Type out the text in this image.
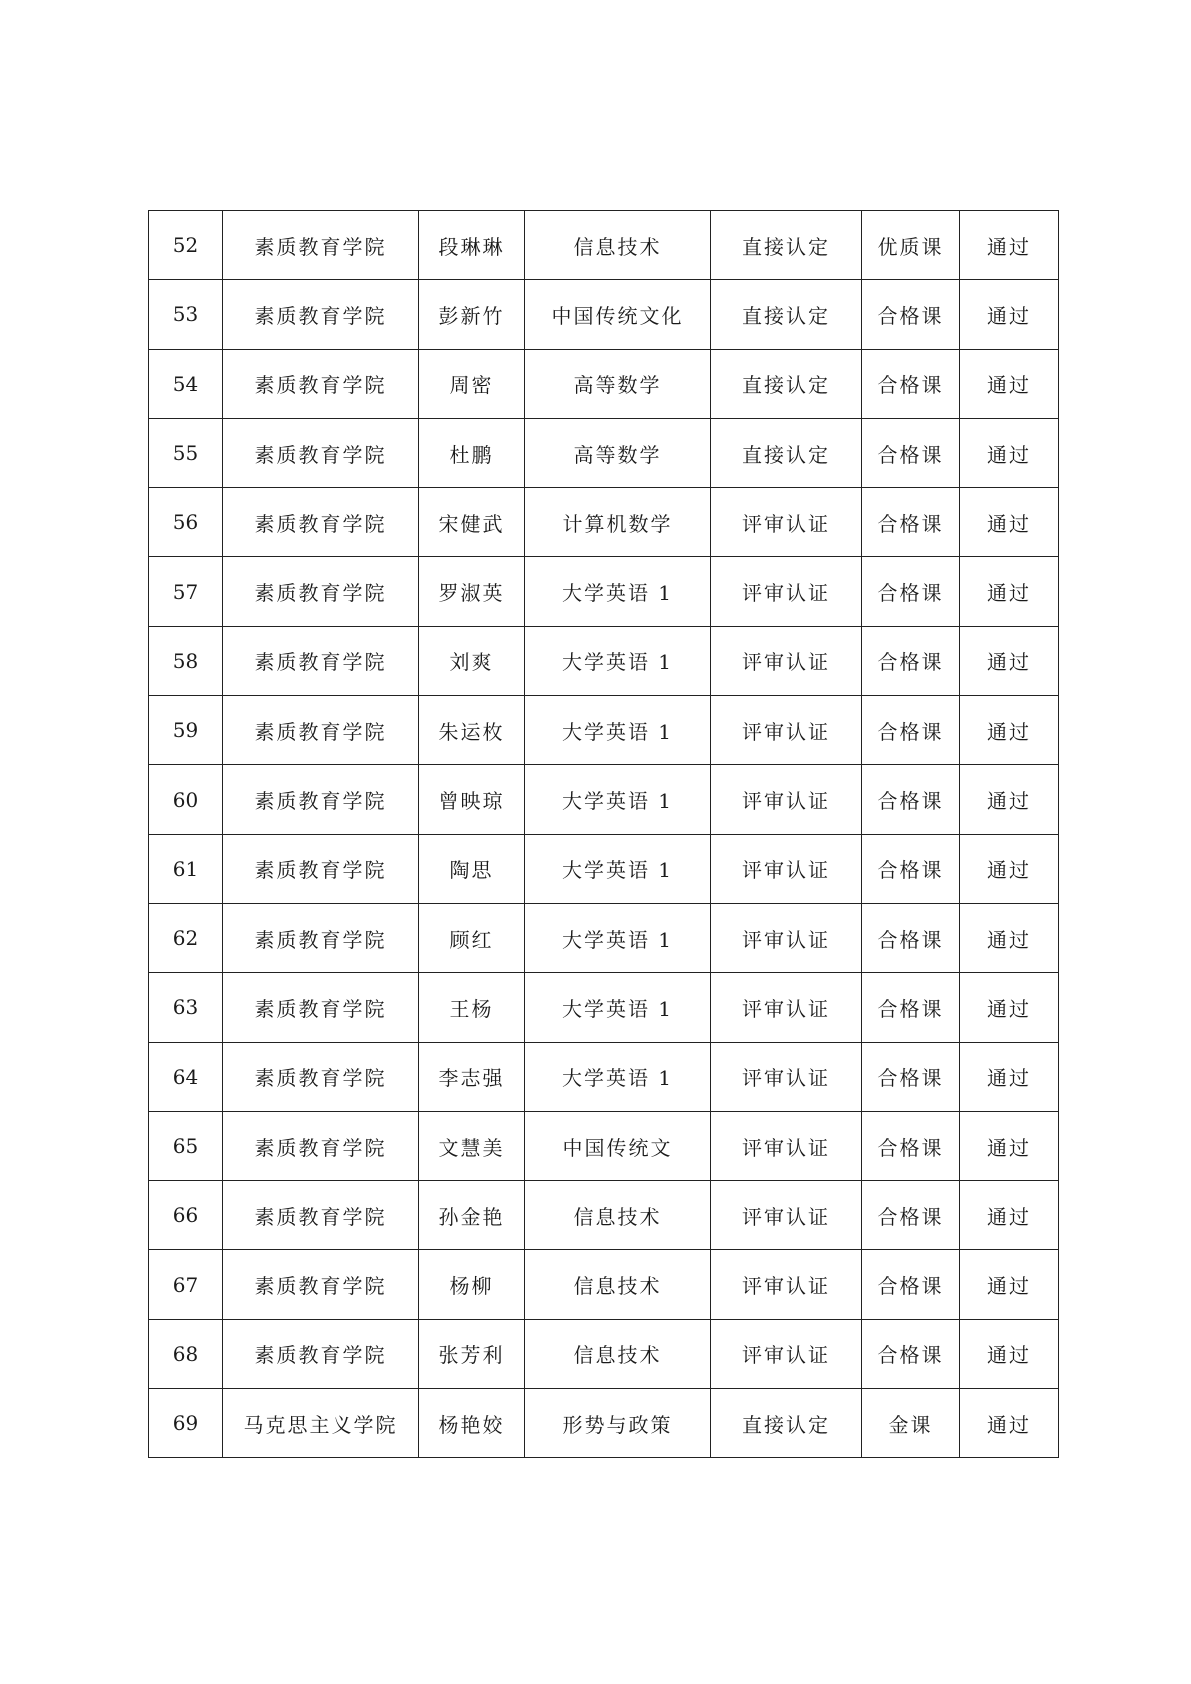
52	素质教育学院	段琳琳	信息技术	直接认定	优质课	通过
53	素质教育学院	彭新竹	中国传统文化	直接认定	合格课	通过
54	素质教育学院	周密	高等数学	直接认定	合格课	通过
55	素质教育学院	杜鹏	高等数学	直接认定	合格课	通过
56	素质教育学院	宋健武	计算机数学	评审认证	合格课	通过
57	素质教育学院	罗淑英	大学英语 1	评审认证	合格课	通过
58	素质教育学院	刘爽	大学英语 1	评审认证	合格课	通过
59	素质教育学院	朱运枚	大学英语 1	评审认证	合格课	通过
60	素质教育学院	曾映琼	大学英语 1	评审认证	合格课	通过
61	素质教育学院	陶思	大学英语 1	评审认证	合格课	通过
62	素质教育学院	顾红	大学英语 1	评审认证	合格课	通过
63	素质教育学院	王杨	大学英语 1	评审认证	合格课	通过
64	素质教育学院	李志强	大学英语 1	评审认证	合格课	通过
65	素质教育学院	文慧美	中国传统文	评审认证	合格课	通过
66	素质教育学院	孙金艳	信息技术	评审认证	合格课	通过
67	素质教育学院	杨柳	信息技术	评审认证	合格课	通过
68	素质教育学院	张芳利	信息技术	评审认证	合格课	通过
69	马克思主义学院	杨艳姣	形势与政策	直接认定	金课	通过
